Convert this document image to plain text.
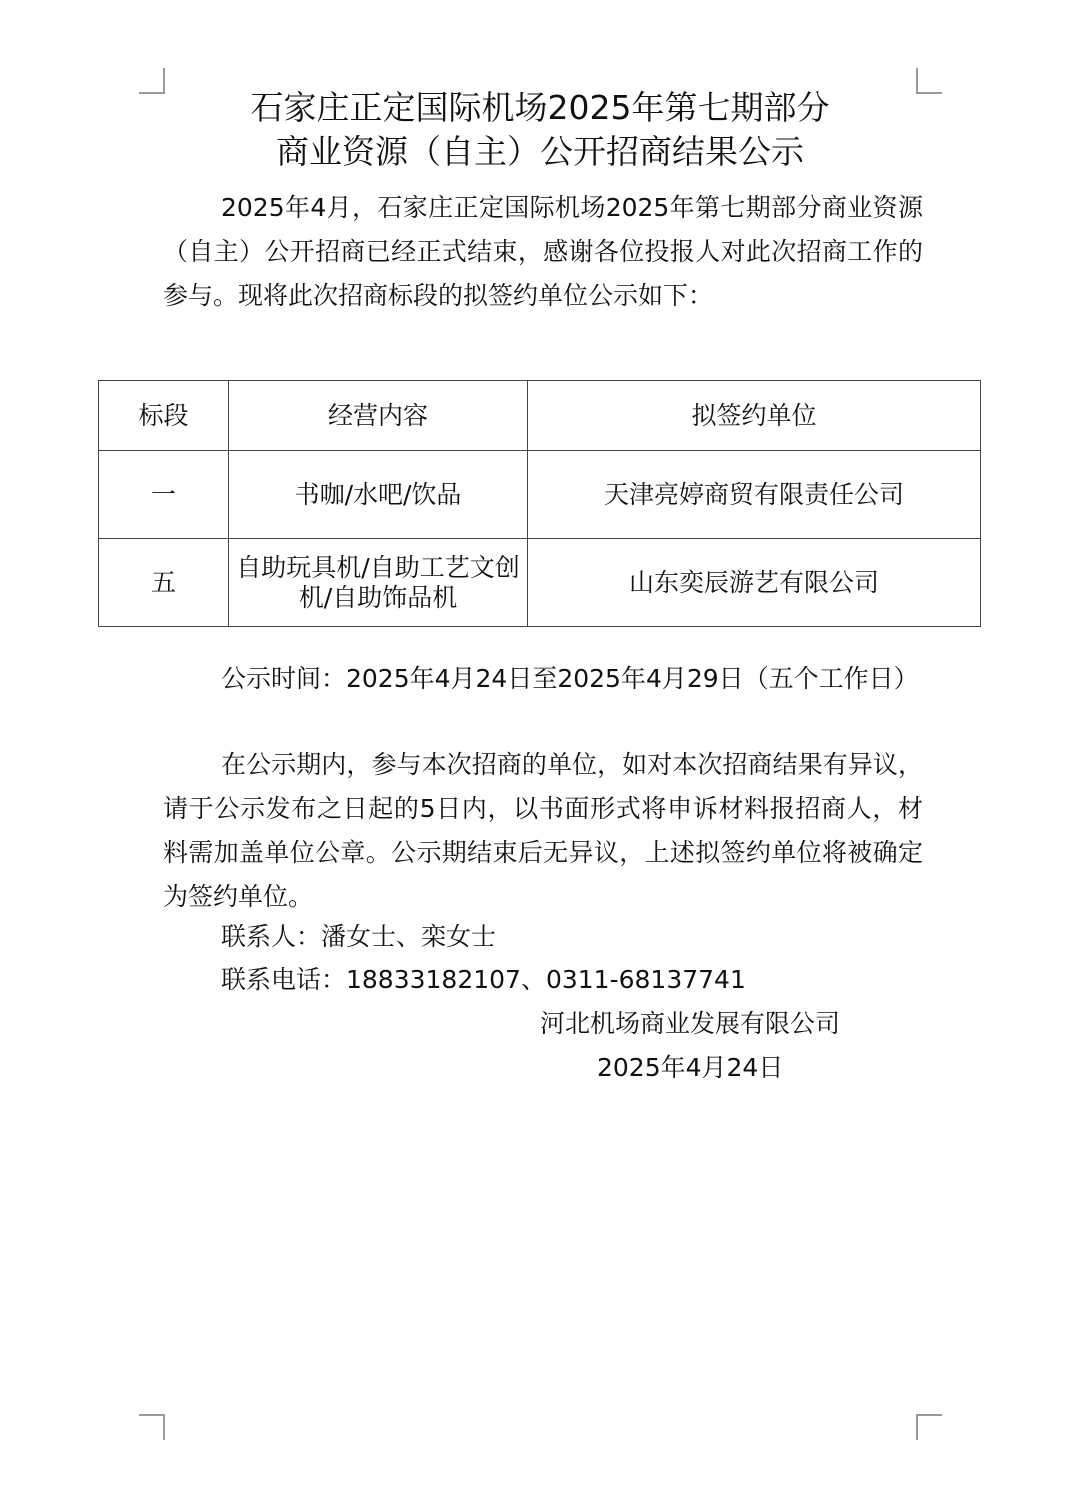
石家庄正定国际机场2025年第七期部分
商业资源（自主）公开招商结果公示

2025年4月，石家庄正定国际机场2025年第七期部分商业资源（自主）公开招商已经正式结束，感谢各位投报人对此次招商工作的参与。现将此次招商标段的拟签约单位公示如下：

标段	经营内容	拟签约单位
一	书咖/水吧/饮品	天津亮婷商贸有限责任公司
五	自助玩具机/自助工艺文创机/自助饰品机	山东奕辰游艺有限公司

公示时间：2025年4月24日至2025年4月29日（五个工作日）

在公示期内，参与本次招商的单位，如对本次招商结果有异议，请于公示发布之日起的5日内，以书面形式将申诉材料报招商人，材料需加盖单位公章。公示期结束后无异议，上述拟签约单位将被确定为签约单位。

联系人：潘女士、栾女士
联系电话：18833182107、0311-68137741
河北机场商业发展有限公司
2025年4月24日
